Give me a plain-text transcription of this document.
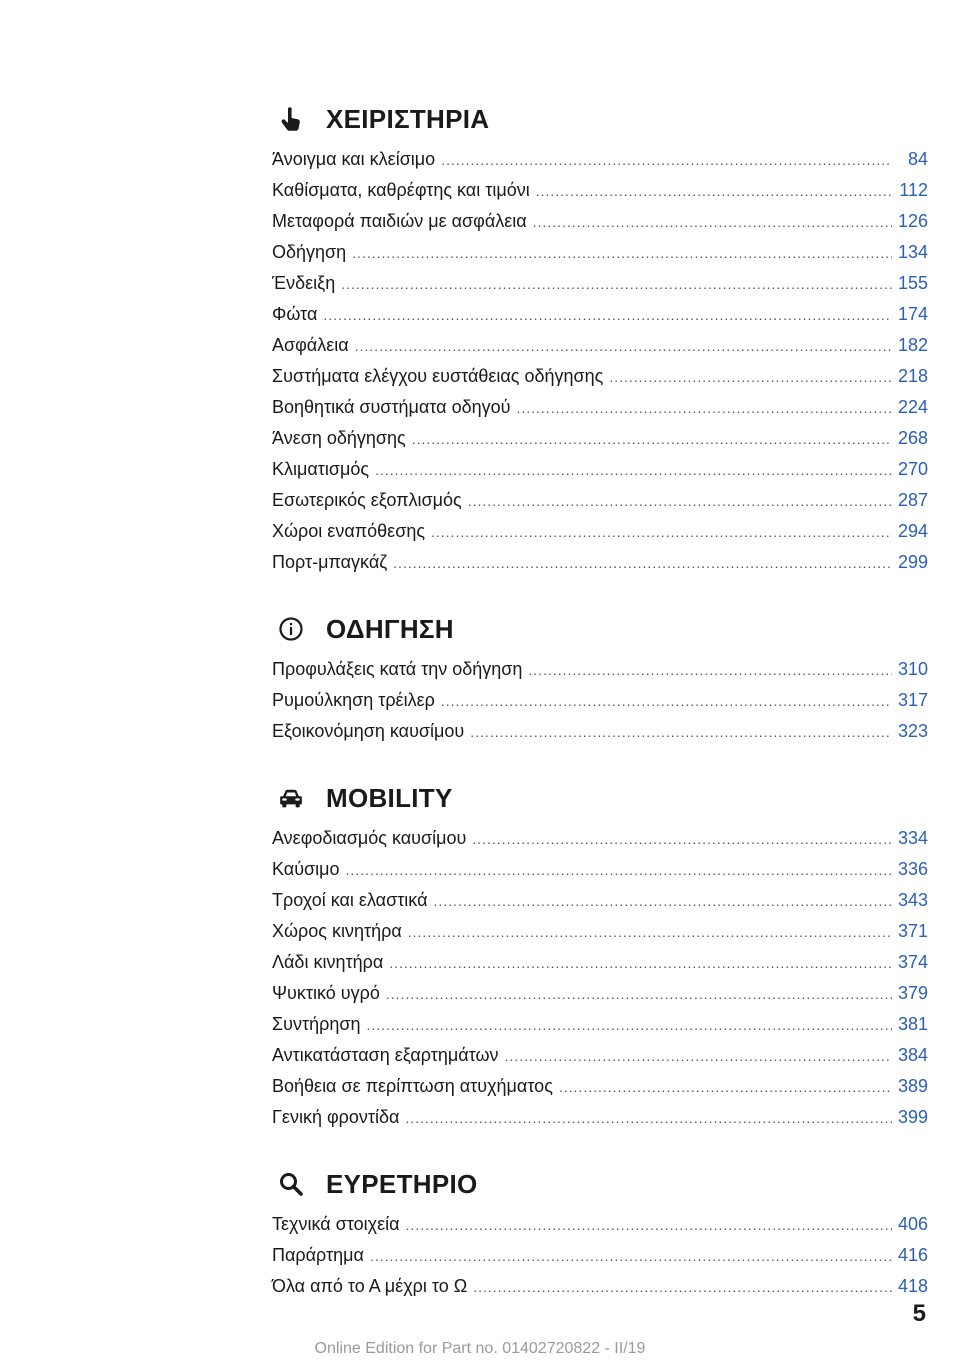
ΧΕΙΡΙΣΤΗΡΙΑ
Άνοιγμα και κλείσιμο .....	84
Καθίσματα, καθρέφτης και τιμόνι .....	112
Μεταφορά παιδιών με ασφάλεια .....	126
Οδήγηση .....	134
Ένδειξη .....	155
Φώτα .....	174
Ασφάλεια .....	182
Συστήματα ελέγχου ευστάθειας οδήγησης .....	218
Βοηθητικά συστήματα οδηγού .....	224
Άνεση οδήγησης .....	268
Κλιματισμός .....	270
Εσωτερικός εξοπλισμός .....	287
Χώροι εναπόθεσης .....	294
Πορτ-μπαγκάζ .....	299
ΟΔΗΓΗΣΗ
Προφυλάξεις κατά την οδήγηση .....	310
Ρυμούλκηση τρέιλερ .....	317
Εξοικονόμηση καυσίμου .....	323
MOBILITY
Ανεφοδιασμός καυσίμου .....	334
Καύσιμο .....	336
Τροχοί και ελαστικά .....	343
Χώρος κινητήρα .....	371
Λάδι κινητήρα .....	374
Ψυκτικό υγρό .....	379
Συντήρηση .....	381
Αντικατάσταση εξαρτημάτων .....	384
Βοήθεια σε περίπτωση ατυχήματος .....	389
Γενική φροντίδα .....	399
ΕΥΡΕΤΗΡΙΟ
Τεχνικά στοιχεία .....	406
Παράρτημα .....	416
Όλα από το Α μέχρι το Ω .....	418
5
Online Edition for Part no. 01402720822 - II/19
